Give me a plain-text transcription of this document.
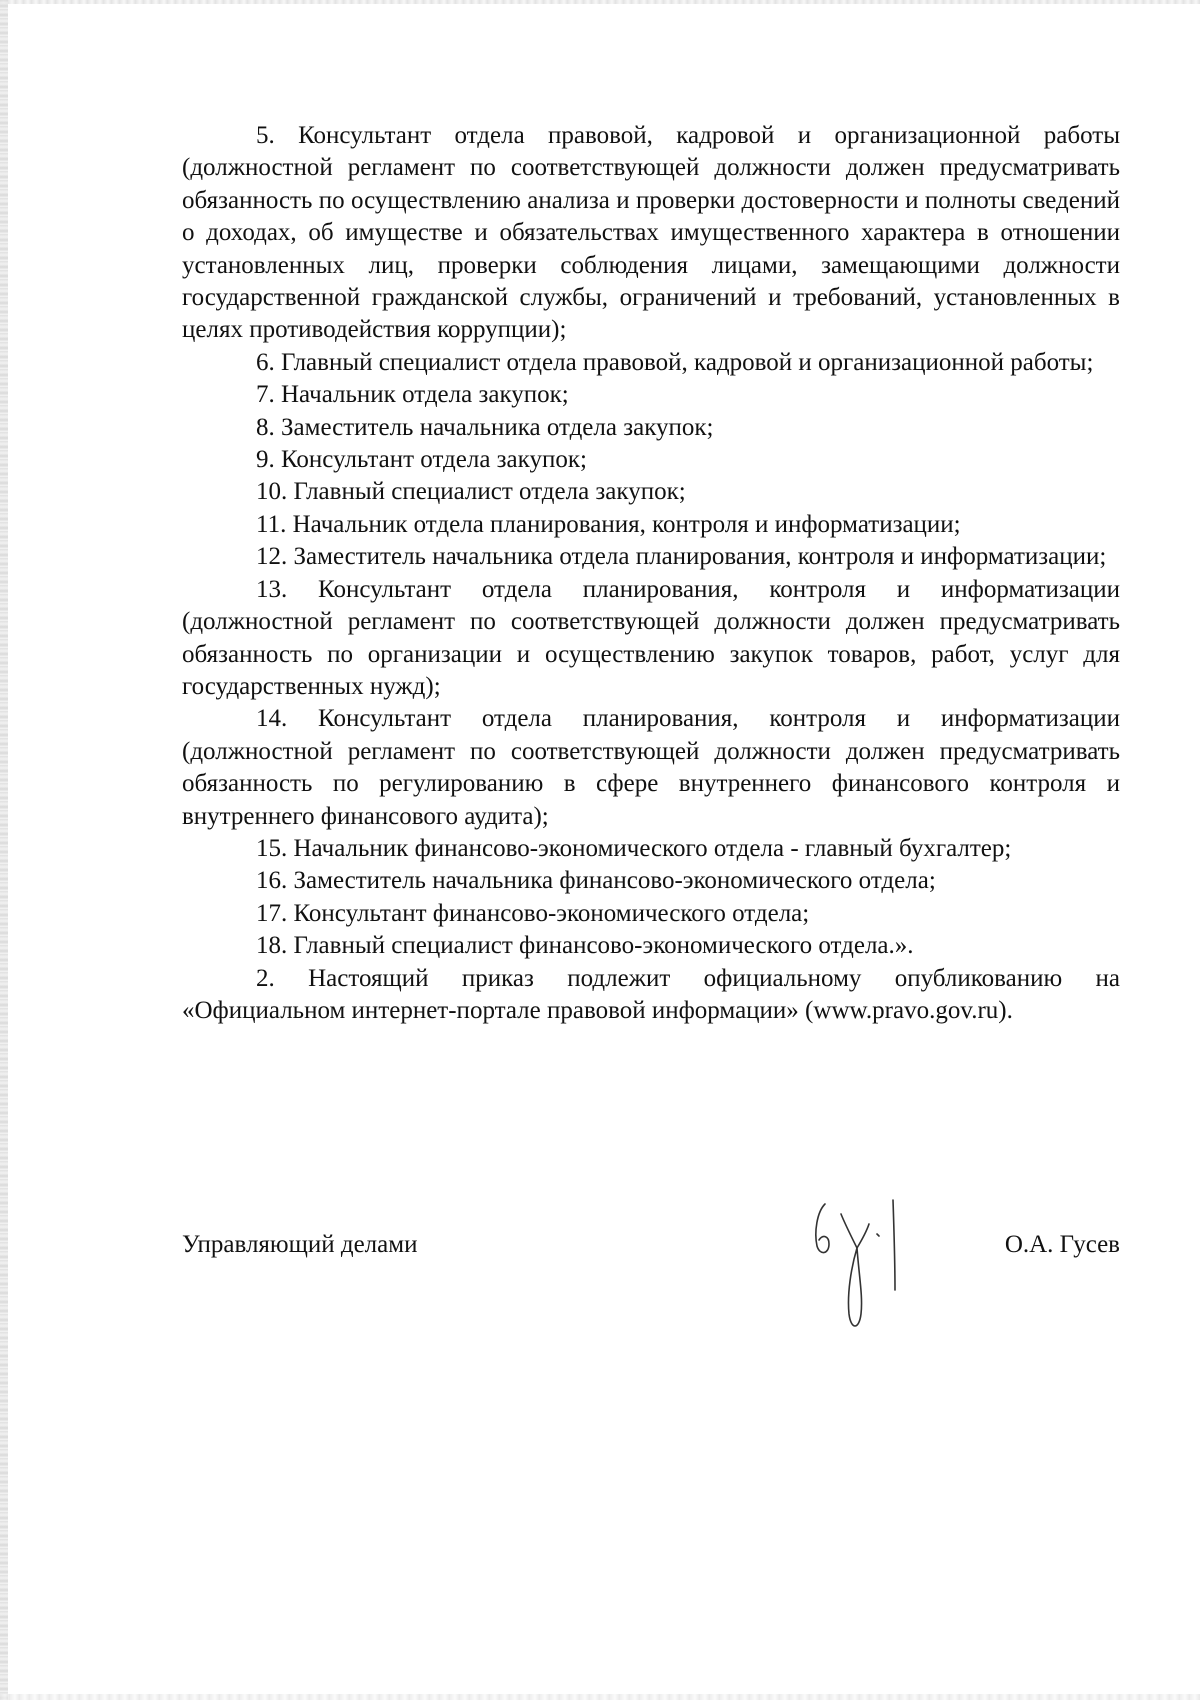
5. Консультант отдела правовой, кадровой и организационной работы (должностной регламент по соответствующей должности должен предусматривать обязанность по осуществлению анализа и проверки достоверности и полноты сведений о доходах, об имуществе и обязательствах имущественного характера в отношении установленных лиц, проверки соблюдения лицами, замещающими должности государственной гражданской службы, ограничений и требований, установленных в целях противодействия коррупции);

6. Главный специалист отдела правовой, кадровой и организационной работы;

7. Начальник отдела закупок;

8. Заместитель начальника отдела закупок;

9. Консультант отдела закупок;

10. Главный специалист отдела закупок;

11. Начальник отдела планирования, контроля и информатизации;

12. Заместитель начальника отдела планирования, контроля и информатизации;

13. Консультант отдела планирования, контроля и информатизации (должностной регламент по соответствующей должности должен предусматривать обязанность по организации и осуществлению закупок товаров, работ, услуг для государственных нужд);

14. Консультант отдела планирования, контроля и информатизации (должностной регламент по соответствующей должности должен предусматривать обязанность по регулированию в сфере внутреннего финансового контроля и внутреннего финансового аудита);

15. Начальник финансово-экономического отдела - главный бухгалтер;

16. Заместитель начальника финансово-экономического отдела;

17. Консультант финансово-экономического отдела;

18. Главный специалист финансово-экономического отдела.».

2. Настоящий приказ подлежит официальному опубликованию на «Официальном интернет-портале правовой информации» (www.pravo.gov.ru).

Управляющий делами	О.А. Гусев
